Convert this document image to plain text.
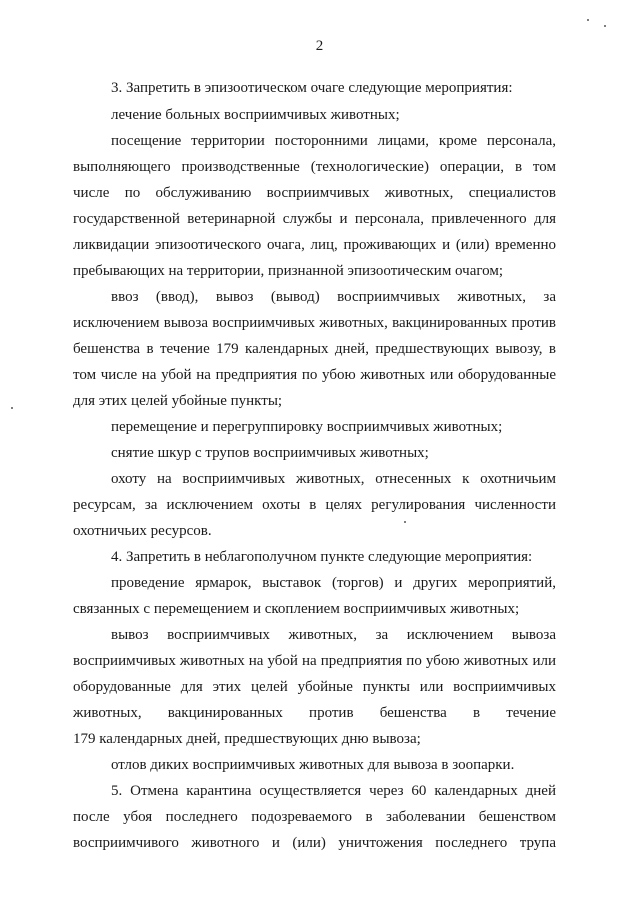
2
3. Запретить в эпизоотическом очаге следующие мероприятия:
лечение больных восприимчивых животных;
посещение территории посторонними лицами, кроме персонала,
выполняющего производственные (технологические) операции, в том
числе по обслуживанию восприимчивых животных, специалистов
государственной ветеринарной службы и персонала, привлеченного для
ликвидации эпизоотического очага, лиц, проживающих и (или) временно
пребывающих на территории, признанной эпизоотическим очагом;
ввоз (ввод), вывоз (вывод) восприимчивых животных, за
исключением вывоза восприимчивых животных, вакцинированных против
бешенства в течение 179 календарных дней, предшествующих вывозу, в
том числе на убой на предприятия по убою животных или оборудованные
для этих целей убойные пункты;
перемещение и перегруппировку восприимчивых животных;
снятие шкур с трупов восприимчивых животных;
охоту на восприимчивых животных, отнесенных к охотничьим
ресурсам, за исключением охоты в целях регулирования численности
охотничьих ресурсов.
4. Запретить в неблагополучном пункте следующие мероприятия:
проведение ярмарок, выставок (торгов) и других мероприятий,
связанных с перемещением и скоплением восприимчивых животных;
вывоз восприимчивых животных, за исключением вывоза
восприимчивых животных на убой на предприятия по убою животных или
оборудованные для этих целей убойные пункты или восприимчивых
животных, вакцинированных против бешенства в течение
179 календарных дней, предшествующих дню вывоза;
отлов диких восприимчивых животных для вывоза в зоопарки.
5. Отмена карантина осуществляется через 60 календарных дней
после убоя последнего подозреваемого в заболевании бешенством
восприимчивого животного и (или) уничтожения последнего трупа
